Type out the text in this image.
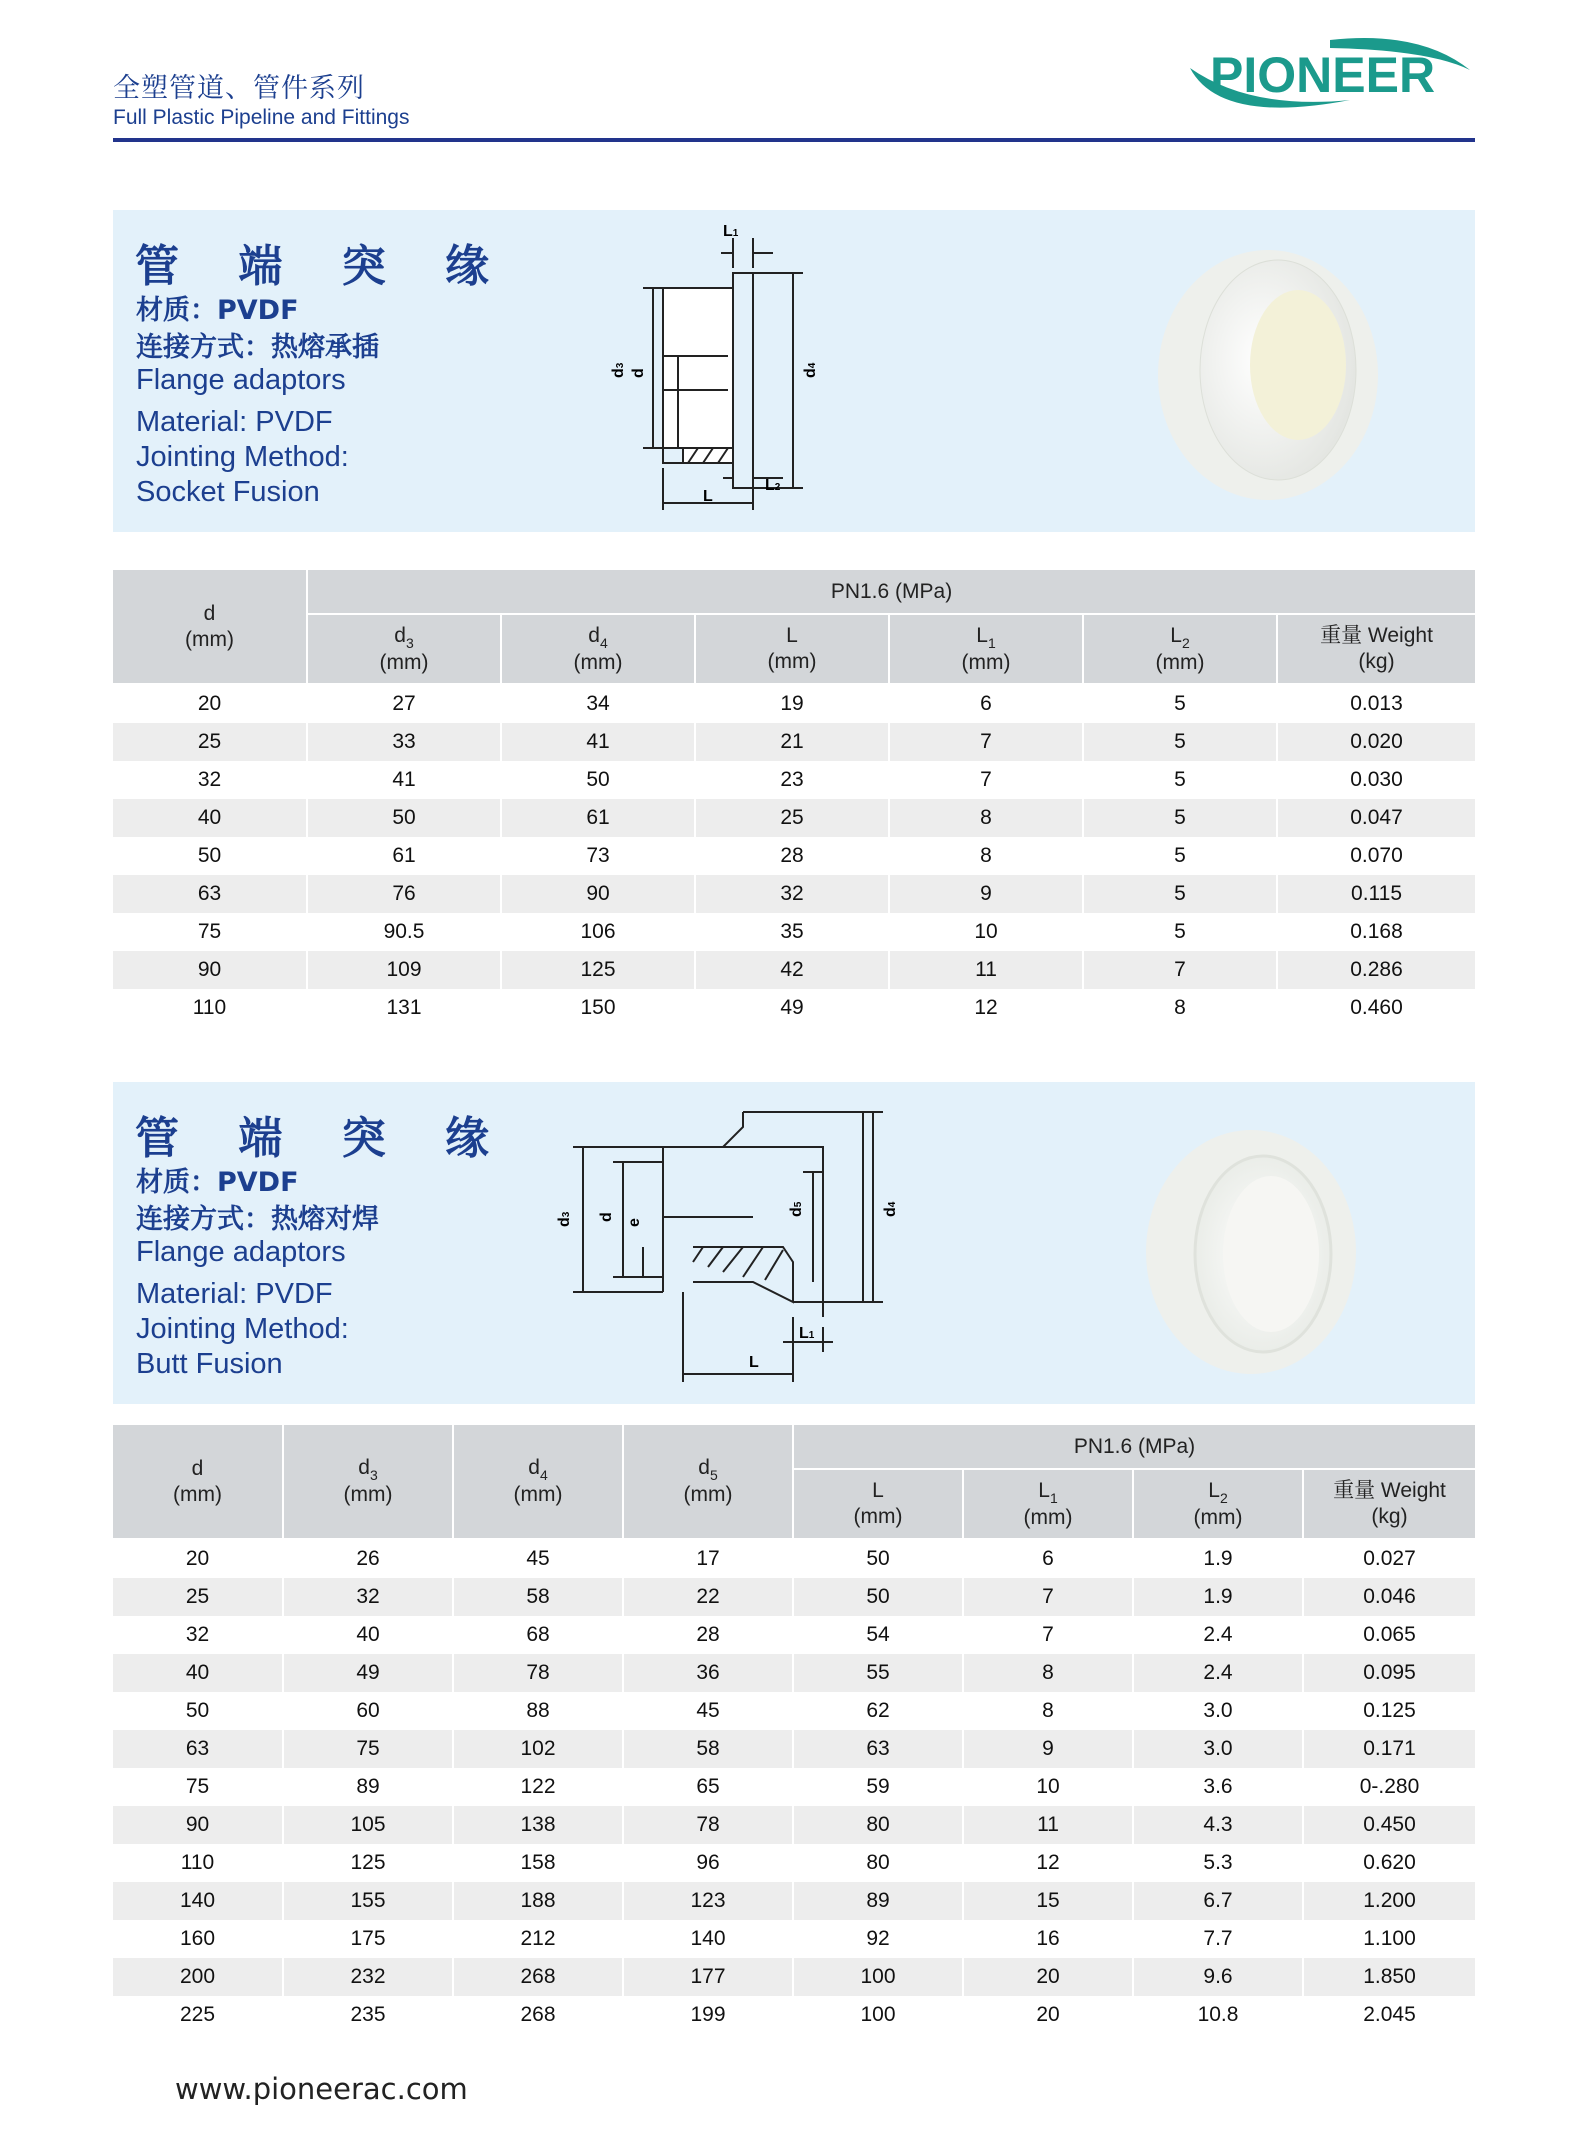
全塑管道、管件系列
Full Plastic Pipeline and Fittings
PIONEER
管 端 突 缘
材质：PVDF
连接方式：热熔承插
Flange adaptors
Material: PVDF
Jointing Method:
Socket Fusion
L1
L2
L
d3
d	d4
d
(mm)	PN1.6 (MPa)					
	$d_3$
(mm)	$d_4$
(mm)	L
(mm)	$L_1$
(mm)	$L_2$
(mm)	重量 Weight
(kg)
20	27	34	19	6	5	0.013
25	33	41	21	7	5	0.020
32	41	50	23	7	5	0.030
40	50	61	25	8	5	0.047
50	61	73	28	8	5	0.070
63	76	90	32	9	5	0.115
75	90.5	106	35	10	5	0.168
90	109	125	42	11	7	0.286
110	131	150	49	12	8	0.460
管 端 突 缘
材质：PVDF
连接方式：热熔对焊
Flange adaptors
Material: PVDF
Jointing Method:
Butt Fusion	L
L1
d3 d
e
d5
d4
d
(mm)	$d_3$
(mm)	$d_4$
(mm)	$d_5$
(mm)	PN1.6 (MPa)			
				L
(mm)	$L_1$
(mm)	$L_2$
(mm)	重量 Weight
(kg)
20	26	45	17	50	6	1.9	0.027
25	32	58	22	50	7	1.9	0.046
32	40	68	28	54	7	2.4	0.065
40	49	78	36	55	8	2.4	0.095
50	60	88	45	62	8	3.0	0.125
63	75	102	58	63	9	3.0	0.171
75	89	122	65	59	10	3.6	0-.280
90	105	138	78	80	11	4.3	0.450
110	125	158	96	80	12	5.3	0.620
140	155	188	123	89	15	6.7	1.200
160	175	212	140	92	16	7.7	1.100
200	232	268	177	100	20	9.6	1.850
225	235	268	199	100	20	10.8	2.045
www.pioneerac.com
